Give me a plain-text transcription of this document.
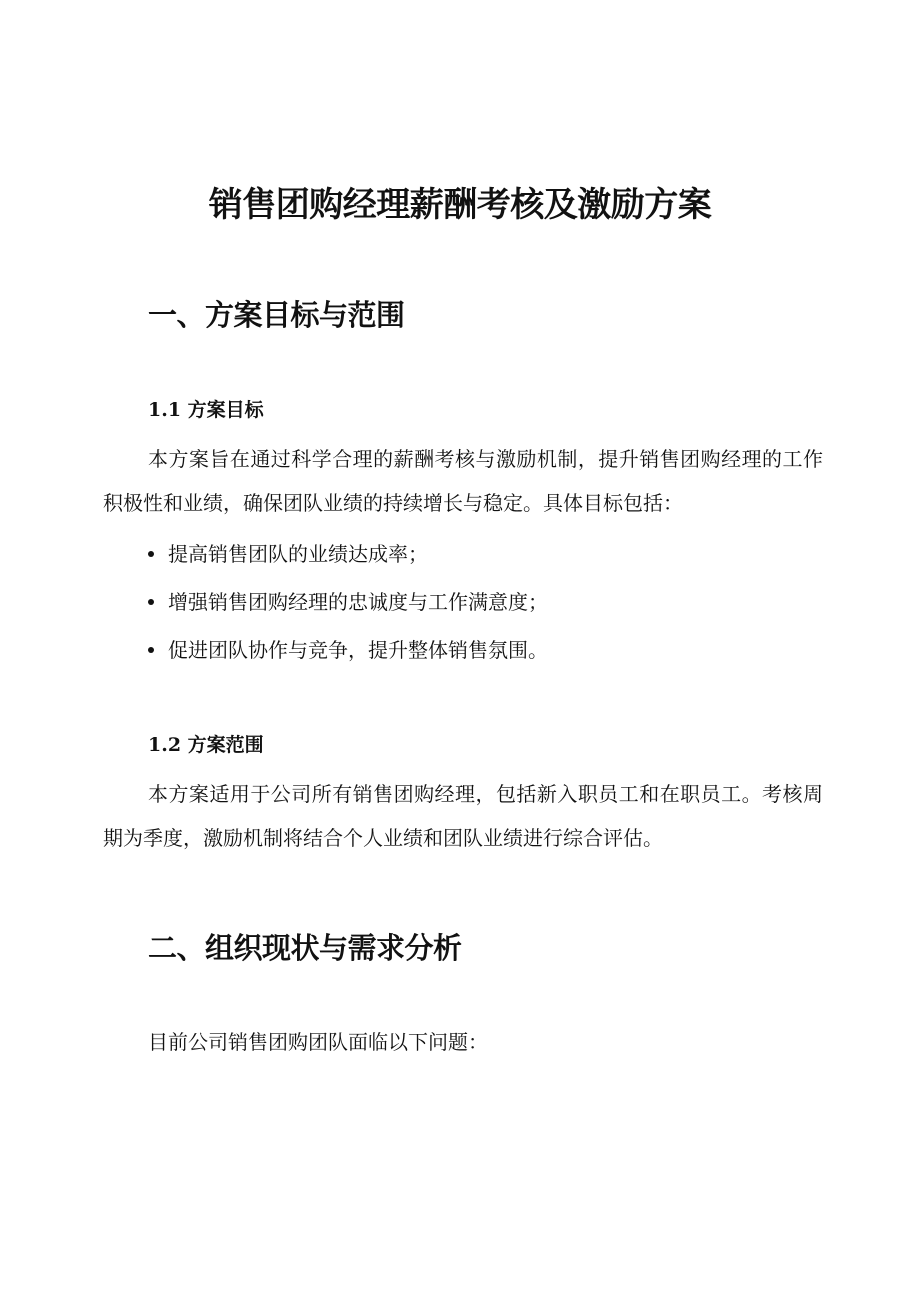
销售团购经理薪酬考核及激励方案
一、方案目标与范围
1.1 方案目标

本方案旨在通过科学合理的薪酬考核与激励机制，提升销售团购经理的工作积极性和业绩，确保团队业绩的持续增长与稳定。具体目标包括：

提高销售团队的业绩达成率；
增强销售团购经理的忠诚度与工作满意度；
促进团队协作与竞争，提升整体销售氛围。
1.2 方案范围

本方案适用于公司所有销售团购经理，包括新入职员工和在职员工。考核周期为季度，激励机制将结合个人业绩和团队业绩进行综合评估。

二、组织现状与需求分析

目前公司销售团购团队面临以下问题：
